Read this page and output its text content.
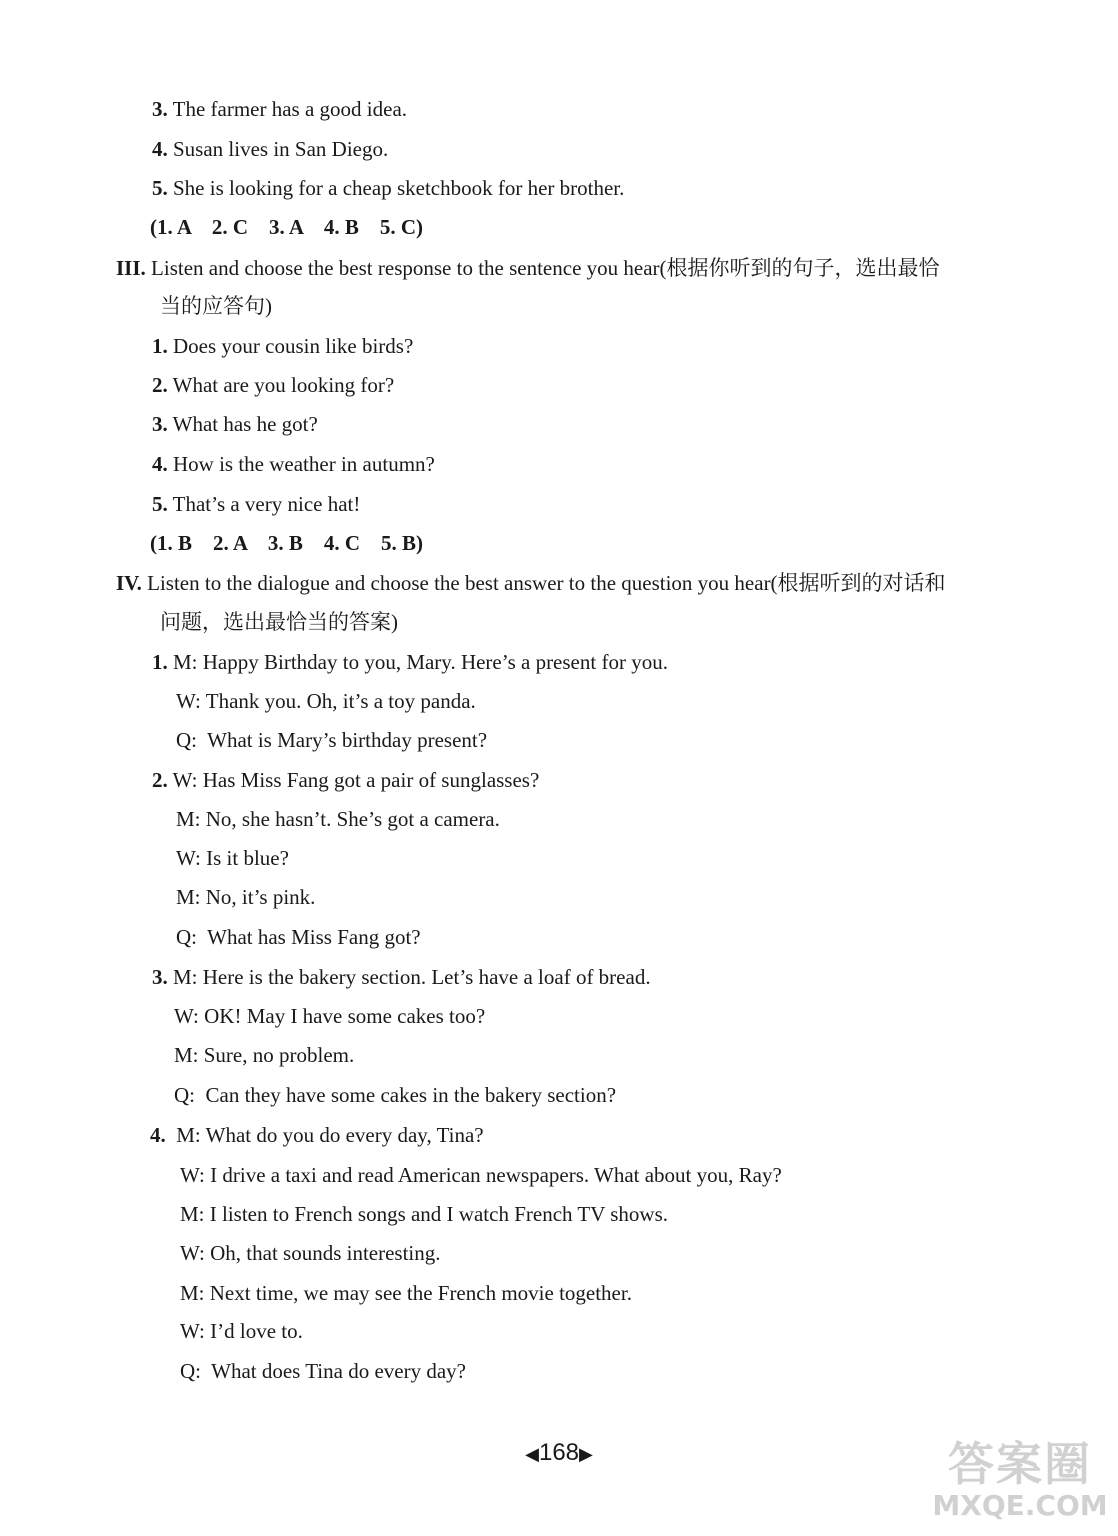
3. The farmer has a good idea.
4. Susan lives in San Diego.
5. She is looking for a cheap sketchbook for her brother.
(1. A    2. C    3. A    4. B    5. C)
III. Listen and choose the best response to the sentence you hear(根据你听到的句子，选出最恰
当的应答句)
1. Does your cousin like birds?
2. What are you looking for?
3. What has he got?
4. How is the weather in autumn?
5. That’s a very nice hat!
(1. B    2. A    3. B    4. C    5. B)
IV. Listen to the dialogue and choose the best answer to the question you hear(根据听到的对话和
问题，选出最恰当的答案)
1. M: Happy Birthday to you, Mary. Here’s a present for you.
W: Thank you. Oh, it’s a toy panda.
Q:  What is Mary’s birthday present?
2. W: Has Miss Fang got a pair of sunglasses?
M: No, she hasn’t. She’s got a camera.
W: Is it blue?
M: No, it’s pink.
Q:  What has Miss Fang got?
3. M: Here is the bakery section. Let’s have a loaf of bread.
W: OK! May I have some cakes too?
M: Sure, no problem.
Q:  Can they have some cakes in the bakery section?
4. M: What do you do every day, Tina?
W: I drive a taxi and read American newspapers. What about you, Ray?
M: I listen to French songs and I watch French TV shows.
W: Oh, that sounds interesting.
M: Next time, we may see the French movie together.
W: I’d love to.
Q:  What does Tina do every day?
◀168▶	答案圈
MXQE.COM
